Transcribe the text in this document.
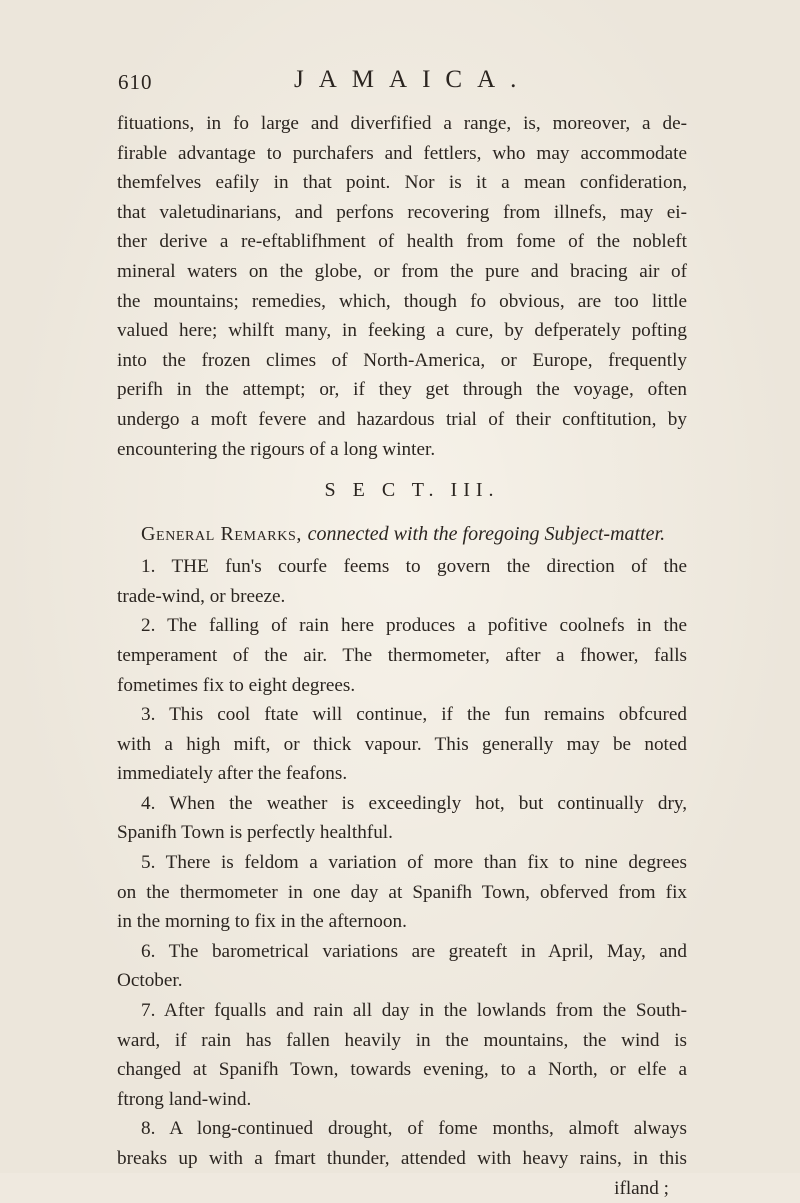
610	JAMAICA.
fituations, in fo large and diverfified a range, is, moreover, a de-
firable advantage to purchafers and fettlers, who may accommodate
themfelves eafily in that point. Nor is it a mean confideration,
that valetudinarians, and perfons recovering from illnefs, may ei-
ther derive a re-eftablifhment of health from fome of the nobleft
mineral waters on the globe, or from the pure and bracing air of
the mountains; remedies, which, though fo obvious, are too little
valued here; whilft many, in feeking a cure, by defperately pofting
into the frozen climes of North-America, or Europe, frequently
perifh in the attempt; or, if they get through the voyage, often
undergo a moft fevere and hazardous trial of their conftitution, by
encountering the rigours of a long winter.
S E C T. III.
General Remarks, connected with the foregoing Subject-matter.
1. THE fun's courfe feems to govern the direction of the
trade-wind, or breeze.
2. The falling of rain here produces a pofitive coolnefs in the
temperament of the air. The thermometer, after a fhower, falls
fometimes fix to eight degrees.
3. This cool ftate will continue, if the fun remains obfcured
with a high mift, or thick vapour. This generally may be noted
immediately after the feafons.
4. When the weather is exceedingly hot, but continually dry,
Spanifh Town is perfectly healthful.
5. There is feldom a variation of more than fix to nine degrees
on the thermometer in one day at Spanifh Town, obferved from fix
in the morning to fix in the afternoon.
6. The barometrical variations are greateft in April, May, and
October.
7. After fqualls and rain all day in the lowlands from the South-
ward, if rain has fallen heavily in the mountains, the wind is
changed at Spanifh Town, towards evening, to a North, or elfe a
ftrong land-wind.
8. A long-continued drought, of fome months, almoft always
breaks up with a fmart thunder, attended with heavy rains, in this
ifland ;
